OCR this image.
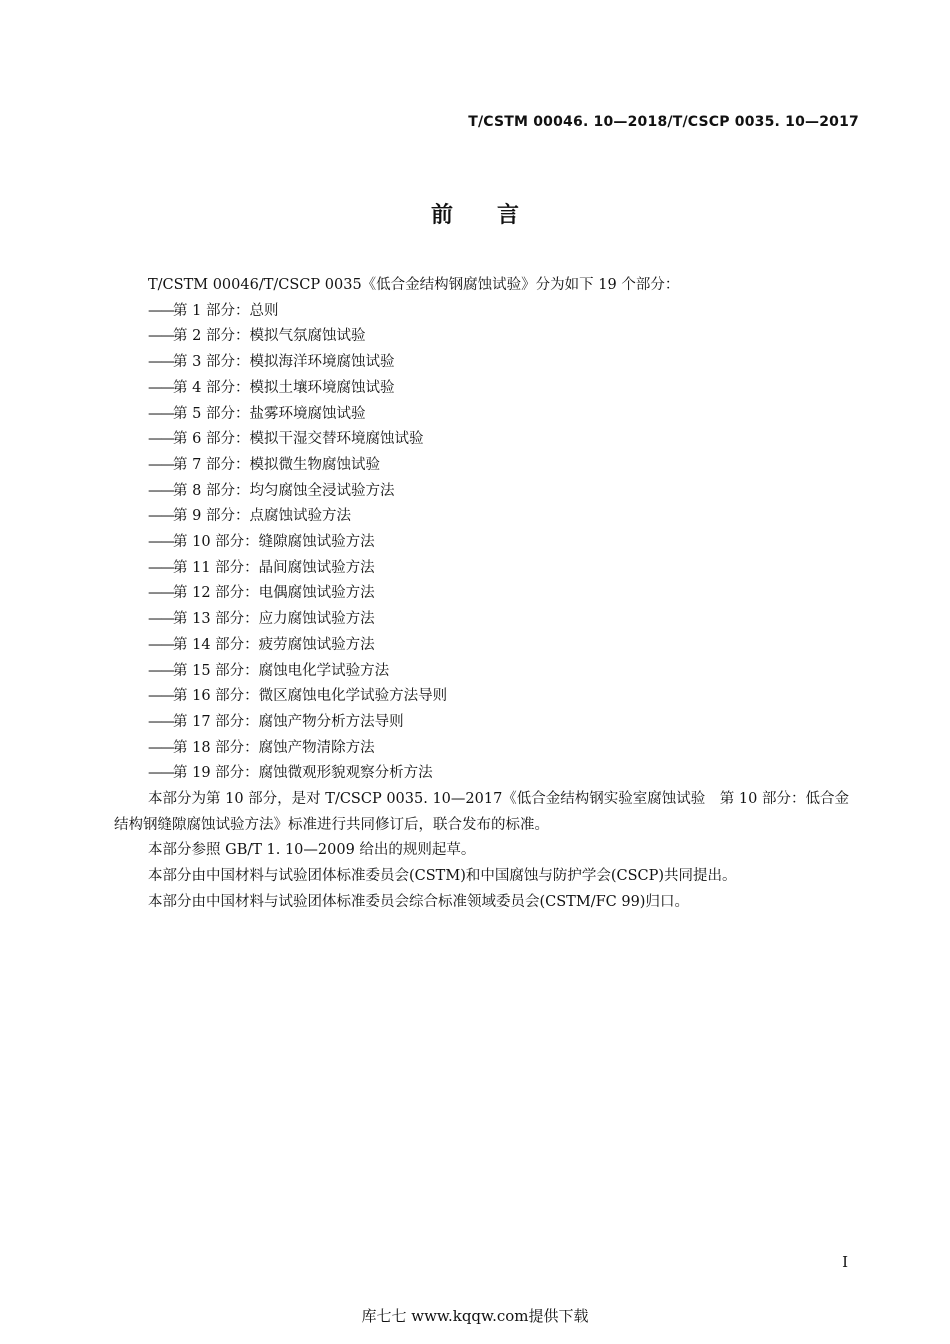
T/CSTM 00046. 10—2018/T/CSCP 0035. 10—2017
前 言
T/CSTM 00046/T/CSCP 0035《低合金结构钢腐蚀试验》分为如下 19 个部分：
——第 1 部分：总则
——第 2 部分：模拟气氛腐蚀试验
——第 3 部分：模拟海洋环境腐蚀试验
——第 4 部分：模拟土壤环境腐蚀试验
——第 5 部分：盐雾环境腐蚀试验
——第 6 部分：模拟干湿交替环境腐蚀试验
——第 7 部分：模拟微生物腐蚀试验
——第 8 部分：均匀腐蚀全浸试验方法
——第 9 部分：点腐蚀试验方法
——第 10 部分：缝隙腐蚀试验方法
——第 11 部分：晶间腐蚀试验方法
——第 12 部分：电偶腐蚀试验方法
——第 13 部分：应力腐蚀试验方法
——第 14 部分：疲劳腐蚀试验方法
——第 15 部分：腐蚀电化学试验方法
——第 16 部分：微区腐蚀电化学试验方法导则
——第 17 部分：腐蚀产物分析方法导则
——第 18 部分：腐蚀产物清除方法
——第 19 部分：腐蚀微观形貌观察分析方法

本部分为第 10 部分，是对 T/CSCP 0035. 10—2017《低合金结构钢实验室腐蚀试验　第 10 部分：低合金结构钢缝隙腐蚀试验方法》标准进行共同修订后，联合发布的标准。

本部分参照 GB/T 1. 10—2009 给出的规则起草。

本部分由中国材料与试验团体标准委员会(CSTM)和中国腐蚀与防护学会(CSCP)共同提出。

本部分由中国材料与试验团体标准委员会综合标准领域委员会(CSTM/FC 99)归口。

I
库七七 www.kqqw.com提供下载
